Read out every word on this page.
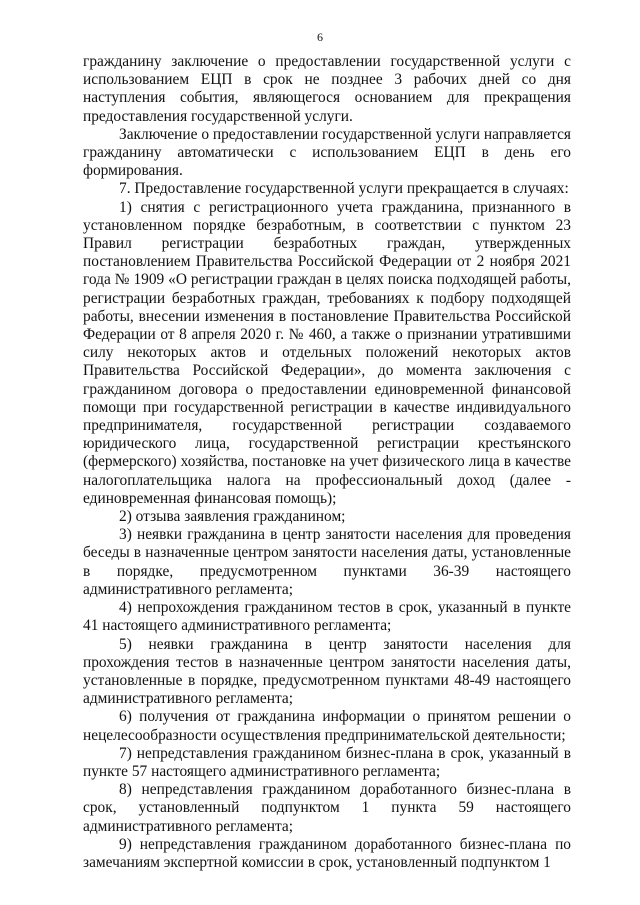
6

гражданину заключение о предоставлении государственной услуги с использованием ЕЦП в срок не позднее 3 рабочих дней со дня наступления события, являющегося основанием для прекращения предоставления государственной услуги.

Заключение о предоставлении государственной услуги направляется гражданину автоматически с использованием ЕЦП в день его формирования.

7. Предоставление государственной услуги прекращается в случаях:

1) снятия с регистрационного учета гражданина, признанного в установленном порядке безработным, в соответствии с пунктом 23 Правил регистрации безработных граждан, утвержденных постановлением Правительства Российской Федерации от 2 ноября 2021 года № 1909 «О регистрации граждан в целях поиска подходящей работы, регистрации безработных граждан, требованиях к подбору подходящей работы, внесении изменения в постановление Правительства Российской Федерации от 8 апреля 2020 г. № 460, а также о признании утратившими силу некоторых актов и отдельных положений некоторых актов Правительства Российской Федерации», до момента заключения с гражданином договора о предоставлении единовременной финансовой помощи при государственной регистрации в качестве индивидуального предпринимателя, государственной регистрации создаваемого юридического лица, государственной регистрации крестьянского (фермерского) хозяйства, постановке на учет физического лица в качестве налогоплательщика налога на профессиональный доход (далее - единовременная финансовая помощь);

2) отзыва заявления гражданином;

3) неявки гражданина в центр занятости населения для проведения беседы в назначенные центром занятости населения даты, установленные в порядке, предусмотренном пунктами 36-39 настоящего административного регламента;

4) непрохождения гражданином тестов в срок, указанный в пункте 41 настоящего административного регламента;

5) неявки гражданина в центр занятости населения для прохождения тестов в назначенные центром занятости населения даты, установленные в порядке, предусмотренном пунктами 48-49 настоящего административного регламента;

6) получения от гражданина информации о принятом решении о нецелесообразности осуществления предпринимательской деятельности;

7) непредставления гражданином бизнес-плана в срок, указанный в пункте 57 настоящего административного регламента;

8) непредставления гражданином доработанного бизнес-плана в срок, установленный подпунктом 1 пункта 59 настоящего административного регламента;

9) непредставления гражданином доработанного бизнес-плана по замечаниям экспертной комиссии в срок, установленный подпунктом 1
